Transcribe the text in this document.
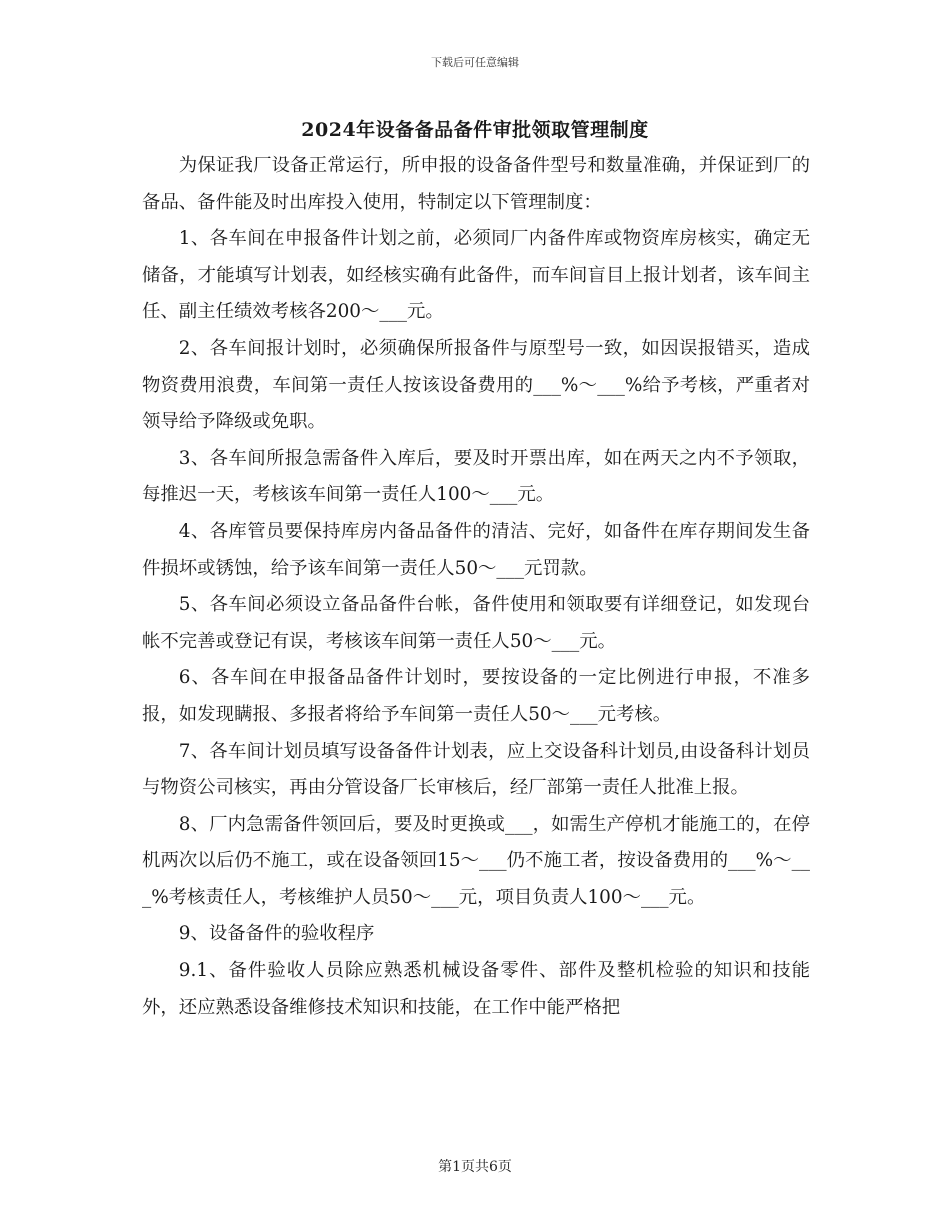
下载后可任意编辑
2024年设备备品备件审批领取管理制度

为保证我厂设备正常运行，所申报的设备备件型号和数量准确，并保证到厂的备品、备件能及时出库投入使用，特制定以下管理制度：

1、各车间在申报备件计划之前，必须同厂内备件库或物资库房核实，确定无储备，才能填写计划表，如经核实确有此备件，而车间盲目上报计划者，该车间主任、副主任绩效考核各200～___元。

2、各车间报计划时，必须确保所报备件与原型号一致，如因误报错买，造成物资费用浪费，车间第一责任人按该设备费用的___%～___%给予考核，严重者对领导给予降级或免职。

3、各车间所报急需备件入库后，要及时开票出库，如在两天之内不予领取，每推迟一天，考核该车间第一责任人100～___元。

4、各库管员要保持库房内备品备件的清洁、完好，如备件在库存期间发生备件损坏或锈蚀，给予该车间第一责任人50～___元罚款。

5、各车间必须设立备品备件台帐，备件使用和领取要有详细登记，如发现台帐不完善或登记有误，考核该车间第一责任人50～___元。

6、各车间在申报备品备件计划时，要按设备的一定比例进行申报，不准多报，如发现瞒报、多报者将给予车间第一责任人50～___元考核。

7、各车间计划员填写设备备件计划表，应上交设备科计划员,由设备科计划员与物资公司核实，再由分管设备厂长审核后，经厂部第一责任人批准上报。

8、厂内急需备件领回后，要及时更换或___，如需生产停机才能施工的，在停机两次以后仍不施工，或在设备领回15～___仍不施工者，按设备费用的___%～___%考核责任人，考核维护人员50～___元，项目负责人100～___元。

9、设备备件的验收程序

9.1、备件验收人员除应熟悉机械设备零件、部件及整机检验的知识和技能外，还应熟悉设备维修技术知识和技能，在工作中能严格把

第1页共6页
